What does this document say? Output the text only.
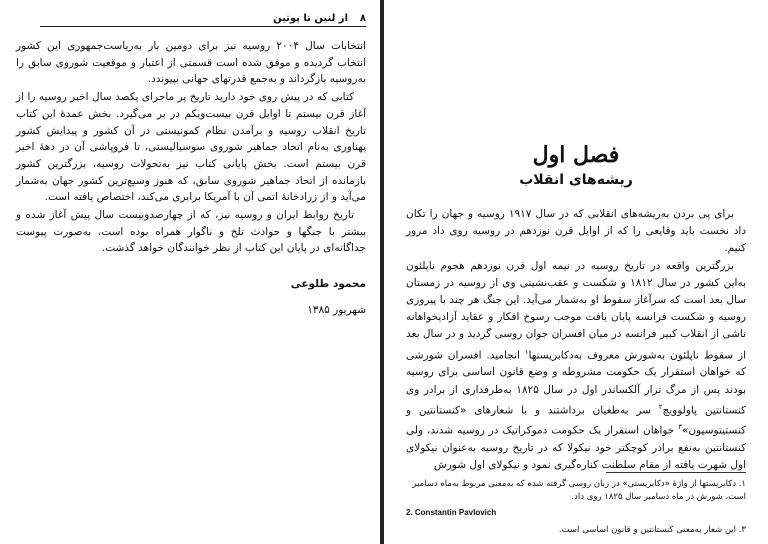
۸
از لنین تا پوتین

انتخابات سال ۲۰۰۴ روسیه نیز برای دومین بار به‌ریاست‌جمهوری این کشور انتخاب گردیده و موفق شده است قسمتی از اعتبار و موقعیت شوروی سابق را به‌روسیه بازگرداند و به‌جمع قدرتهای جهانی بپیوندد.

کتابی که در پیش روی خود دارید تاریخ پر ماجرای یکصد سال اخیر روسیه را از آغاز قرن بیستم تا اوایل قرن بیست‌ویکم در بر می‌گیرد. بخش عمدهٔ این کتاب تاریخ انقلاب روسیه و برآمدن نظام کمونیستی در آن کشور و پیدایش کشور پهناوری به‌نام اتحاد جماهیر شوروی سوسیالیستی، تا فروپاشی آن در دههٔ اخیر قرن بیستم است. بخش پایانی کتاب نیز به‌تحولات روسیه، بزرگترین کشور بازمانده از اتحاد جماهیر شوروی سابق، که هنوز وسیع‌ترین کشور جهان به‌شمار می‌آید و از زرادخانهٔ اتمی آن با آمریکا برابری می‌کند، اختصاص یافته است.

تاریخ روابط ایران و روسیه نیز، که از چهارصدوبیست سال پیش آغاز شده و بیشتر با جنگها و حوادث تلخ و ناگوار همراه بوده است، به‌صورت پیوست جداگانه‌ای در پایان این کتاب از نظر خوانندگان خواهد گذشت.

محمود طلوعی
شهریور ۱۳۸۵
فصل اول
ریشه‌های انقلاب

برای پی بردن به‌ریشه‌های انقلابی که در سال ۱۹۱۷ روسیه و جهان را تکان داد نخست باید وقایعی را که از اوایل قرن نوزدهم در روسیه روی داد مرور کنیم.

بزرگترین واقعه در تاریخ روسیه در نیمه اول قرن نوزدهم هجوم ناپلئون به‌این کشور در سال ۱۸۱۲ و شکست و عقب‌نشینی وی از روسیه در زمستان سال بعد است که سرآغاز سقوط او به‌شمار می‌آید. این جنگ هر چند با پیروزی روسیه و شکست فرانسه پایان یافت موجب رسوخ افکار و عقاید آزادیخواهانه ناشی از انقلاب کبیر فرانسه در میان افسران جوان روسی گردید و در سال بعد از سقوط ناپلئون به‌شورش معروف به‌دکابریستها$^۱$ انجامید. افسران شورشی که خواهان استقرار یک حکومت مشروطه و وضع قانون اساسی برای روسیه بودند پس از مرگ تزار آلکساندر اول در سال ۱۸۲۵ به‌طرفداری از برادر وی کنستانتین پاولوویچ$^۲$ سر به‌طغیان برداشتند و با شعارهای «کنستانتین و کنستیتوسیون»$^۳$ خواهان استقرار یک حکومت دموکراتیک در روسیه شدند، ولی کنستانتین به‌نفع برادر کوچکتر خود نیکولا که در تاریخ روسیه به‌عنوان نیکولای اول شهرت یافته از مقام سلطنت کناره‌گیری نمود و نیکولای اول شورش

۱. دکابریستها از واژهٔ «دکابریستی» در زبان روسی گرفته شده که به‌معنی مربوط به‌ماه دسامبر است، شورش در ماه دسامبر سال ۱۸۲۵ روی داد.

2. Constantin Pavlovich

۳. این شعار به‌معنی کنستانتین و قانون اساسی است.
